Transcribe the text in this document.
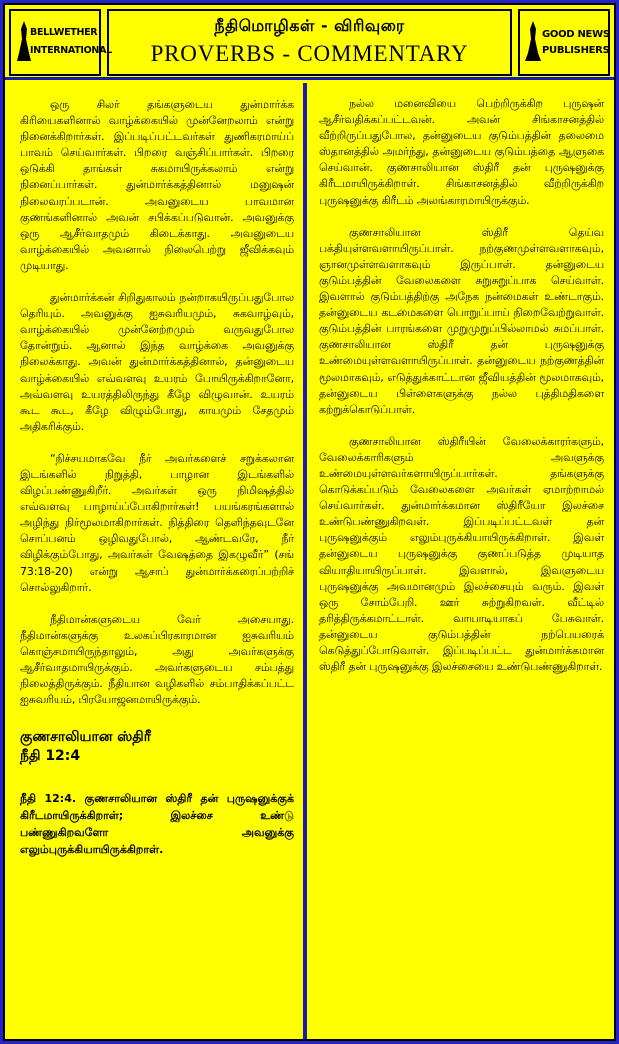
BELLWETHER
INTERNATIONAL
நீதிமொழிகள் - விரிவுரை
PROVERBS - COMMENTARY
GOOD NEWS
PUBLISHERS

ஒரு சிலர் தங்களுடைய துன்மார்க்க கிரியைகளினால் வாழ்க்கையில் முன்னேறலாம் என்று நினைக்கிறார்கள். இப்படிப்பட்டவர்கள் துணிகரமாய்ப் பாவம் செய்வார்கள். பிறரை வஞ்சிப்பார்கள். பிறரை ஒடுக்கி தாங்கள் சுகமாயிருக்கலாம் என்று நினைப்பார்கள். துன்மார்க்கத்தினால் மனுஷன் நிலைவரப்படான். அவனுடைய பாவமான குணங்களினால் அவன் சபிக்கப்படுவான். அவனுக்கு ஒரு ஆசீர்வாதமும் கிடைக்காது. அவனுடைய வாழ்க்கையில் அவனால் நிலைபெற்று ஜீவிக்கவும் முடியாது.

துன்மார்க்கன் சிறிதுகாலம் நன்றாகயிருப்பதுபோல தெரியும். அவனுக்கு ஐசுவரியமும், சுகவாழ்வும், வாழ்க்கையில் முன்னேற்றமும் வருவதுபோல தோன்றும். ஆனால் இந்த வாழ்க்கை அவனுக்கு நிலைக்காது. அவன் துன்மார்க்கத்தினால், தன்னுடைய வாழ்க்கையில் எவ்வளவு உயரம் போயிருக்கிறானோ, அவ்வளவு உயரத்திலிருந்து கீழே விழுவான். உயரம் கூட கூட, கீழே விழும்போது, காயமும் சேதமும் அதிகரிக்கும்.

“நிச்சயமாகவே நீர் அவர்களைச் சறுக்கலான இடங்களில் நிறுத்தி, பாழான இடங்களில் விழப்பண்ணுகிறீர். அவர்கள் ஒரு நிமிஷத்தில் எவ்வளவு பாழாய்ப்போகிறார்கள்! பயங்கரங்களால் அழிந்து நிர்மூலமாகிறார்கள். நித்திரை தெளிந்தவுடனே சொப்பனம் ஒழிவதுபோல், ஆண்டவரே, நீர் விழிக்கும்போது, அவர்கள் வேஷத்தை இகழுவீர்” (சங் 73:18-20) என்று ஆசாப் துன்மார்க்கரைப்பற்றிச் சொல்லுகிறார்.

நீதிமான்களுடைய வேர் அசையாது. நீதிமான்களுக்கு உலகப்பிரகாரமான ஐசுவரியம் கொஞ்சமாயிருந்தாலும், அது அவர்களுக்கு ஆசீர்வாதமாயிருக்கும். அவர்களுடைய சம்பத்து நிலைத்திருக்கும். நீதியான வழிகளில் சம்பாதிக்கப்பட்ட ஐசுவரியம், பிரயோஜனமாயிருக்கும்.

குணசாலியான ஸ்திரீ
நீதி 12:4

நீதி 12:4. குணசாலியான ஸ்திரீ தன் புருஷனுக்குக் கிரீடமாயிருக்கிறாள்; இலச்சை உண்டு பண்ணுகிறவளோ அவனுக்கு எலும்புருக்கியாயிருக்கிறாள்.

நல்ல மனைவியை பெற்றிருக்கிற புருஷன் ஆசீர்வதிக்கப்பட்டவன். அவன் சிங்காசனத்தில் வீற்றிருப்பதுபோல, தன்னுடைய குடும்பத்தின் தலைமை ஸ்தானத்தில் அமர்ந்து, தன்னுடைய குடும்பத்தை ஆளுகை செய்வான். குணசாலியான ஸ்திரீ தன் புருஷனுக்கு கிரீடமாயிருக்கிறாள். சிங்காசனத்தில் வீற்றிருக்கிற புருஷனுக்கு கிரீடம் அலங்காரமாயிருக்கும்.

குணசாலியான ஸ்திரீ தெய்வ பக்தியுள்ளவளாயிருப்பாள். நற்குணமுள்ளவளாகவும், ஞானமுள்ளவளாகவும் இருப்பாள். தன்னுடைய குடும்பத்தின் வேலைகளை சுறுசுறுப்பாக செய்வாள். இவளால் குடும்பத்திற்கு அநேக நன்மைகள் உண்டாகும். தன்னுடைய கடமைகளை பொறுப்பாய் நிறைவேற்றுவாள். குடும்பத்தின் பாரங்களை முறுமுறுப்பில்லாமல் சுமப்பாள். குணசாலியான ஸ்திரீ தன் புருஷனுக்கு உண்மையுள்ளவளாயிருப்பாள். தன்னுடைய நற்குணத்தின் மூலமாகவும், எடுத்துக்காட்டான ஜீவியத்தின் மூலமாகவும், தன்னுடைய பிள்ளைகளுக்கு நல்ல புத்திமதிகளை கற்றுக்கொடுப்பாள்.

குணசாலியான ஸ்திரீயின் வேலைக்காரர்களும், வேலைக்காரிகளும் அவளுக்கு உண்மையுள்ளவர்களாயிருப்பார்கள். தங்களுக்கு கொடுக்கப்படும் வேலைகளை அவர்கள் ஏமாற்றாமல் செய்வார்கள். துன்மார்க்கமான ஸ்திரீயோ இலச்சை உண்டுபண்ணுகிறவள். இப்படிப்பட்டவள் தன் புருஷனுக்கும் எலும்புருக்கியாயிருக்கிறாள். இவள் தன்னுடைய புருஷனுக்கு குணப்படுத்த முடியாத வியாதியாயிருப்பாள். இவளால், இவளுடைய புருஷனுக்கு அவமானமும் இலச்சையும் வரும். இவள் ஒரு சோம்பேறி. ஊர் சுற்றுகிறவள். வீட்டில் தரித்திருக்கமாட்டாள். வாயாடியாகப் பேசுவாள். தன்னுடைய குடும்பத்தின் நற்பெயரைக் கெடுத்துப்போடுவாள். இப்படிப்பட்ட துன்மார்க்கமான ஸ்திரீ தன் புருஷனுக்கு இலச்சையை உண்டுபண்ணுகிறாள்.
